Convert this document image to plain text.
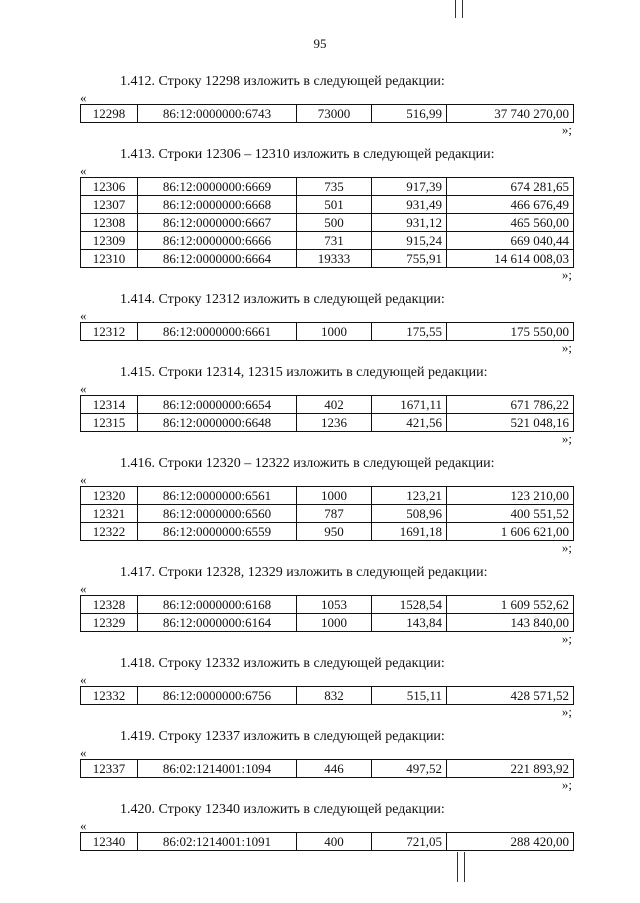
95
1.412. Строку 12298 изложить в следующей редакции:
«
12298	86:12:0000000:6743	73000	516,99	37 740 270,00
»;
1.413. Строки 12306 – 12310 изложить в следующей редакции:
«
12306	86:12:0000000:6669	735	917,39	674 281,65
12307	86:12:0000000:6668	501	931,49	466 676,49
12308	86:12:0000000:6667	500	931,12	465 560,00
12309	86:12:0000000:6666	731	915,24	669 040,44
12310	86:12:0000000:6664	19333	755,91	14 614 008,03
»;
1.414. Строку 12312 изложить в следующей редакции:
«
12312	86:12:0000000:6661	1000	175,55	175 550,00
»;
1.415. Строки 12314, 12315 изложить в следующей редакции:
«
12314	86:12:0000000:6654	402	1671,11	671 786,22
12315	86:12:0000000:6648	1236	421,56	521 048,16
»;
1.416. Строки 12320 – 12322 изложить в следующей редакции:
«
12320	86:12:0000000:6561	1000	123,21	123 210,00
12321	86:12:0000000:6560	787	508,96	400 551,52
12322	86:12:0000000:6559	950	1691,18	1 606 621,00
»;
1.417. Строки 12328, 12329 изложить в следующей редакции:
«
12328	86:12:0000000:6168	1053	1528,54	1 609 552,62
12329	86:12:0000000:6164	1000	143,84	143 840,00
»;
1.418. Строку 12332 изложить в следующей редакции:
«
12332	86:12:0000000:6756	832	515,11	428 571,52
»;
1.419. Строку 12337 изложить в следующей редакции:
«
12337	86:02:1214001:1094	446	497,52	221 893,92
»;
1.420. Строку 12340 изложить в следующей редакции:
«
12340	86:02:1214001:1091	400	721,05	288 420,00
